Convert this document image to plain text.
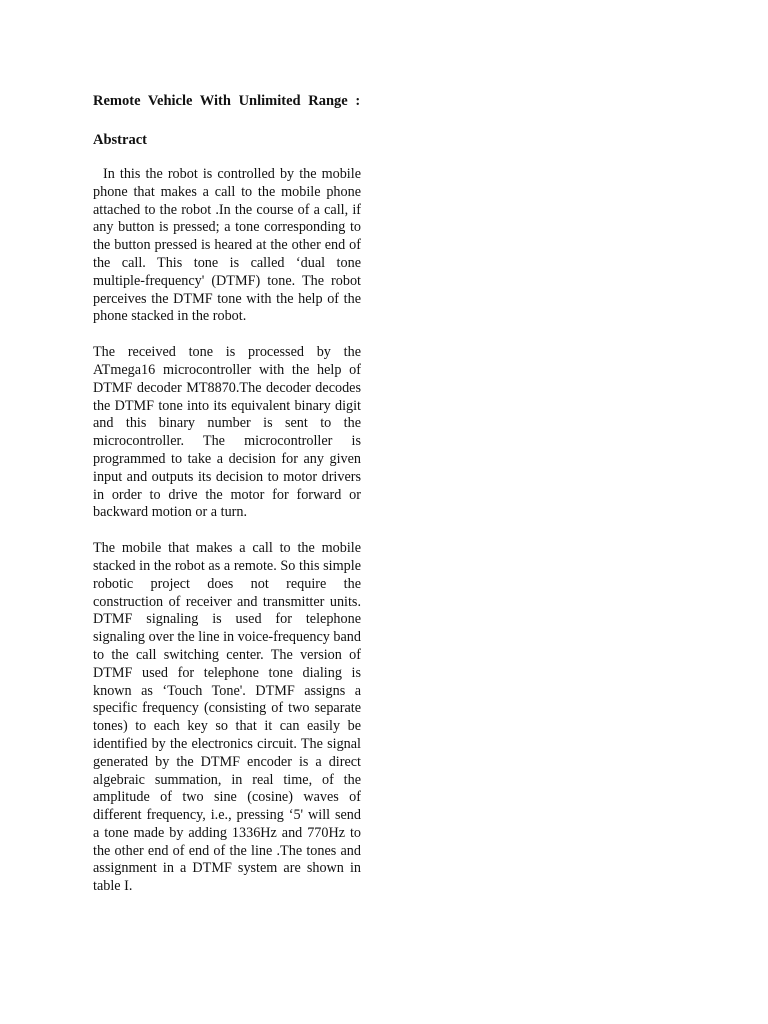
Remote Vehicle With Unlimited Range :

Abstract

In this the robot is controlled by the mobile phone that makes a call to the mobile phone attached to the robot .In the course of a call, if any button is pressed; a tone corresponding to the button pressed is heared at the other end of the call. This tone is called ‘dual tone multiple-frequency' (DTMF) tone. The robot perceives the DTMF tone with the help of the phone stacked in the robot.

The received tone is processed by the ATmega16 microcontroller with the help of DTMF decoder MT8870.The decoder decodes the DTMF tone into its equivalent binary digit and this binary number is sent to the microcontroller. The microcontroller is programmed to take a decision for any given input and outputs its decision to motor drivers in order to drive the motor for forward or backward motion or a turn.

The mobile that makes a call to the mobile stacked in the robot as a remote. So this simple robotic project does not require the construction of receiver and transmitter units. DTMF signaling is used for telephone signaling over the line in voice-frequency band to the call switching center. The version of DTMF used for telephone tone dialing is known as ‘Touch Tone'. DTMF assigns a specific frequency (consisting of two separate tones) to each key so that it can easily be identified by the electronics circuit. The signal generated by the DTMF encoder is a direct algebraic summation, in real time, of the amplitude of two sine (cosine) waves of different frequency, i.e., pressing ‘5' will send a tone made by adding 1336Hz and 770Hz to the other end of end of the line .The tones and assignment in a DTMF system are shown in table I.
